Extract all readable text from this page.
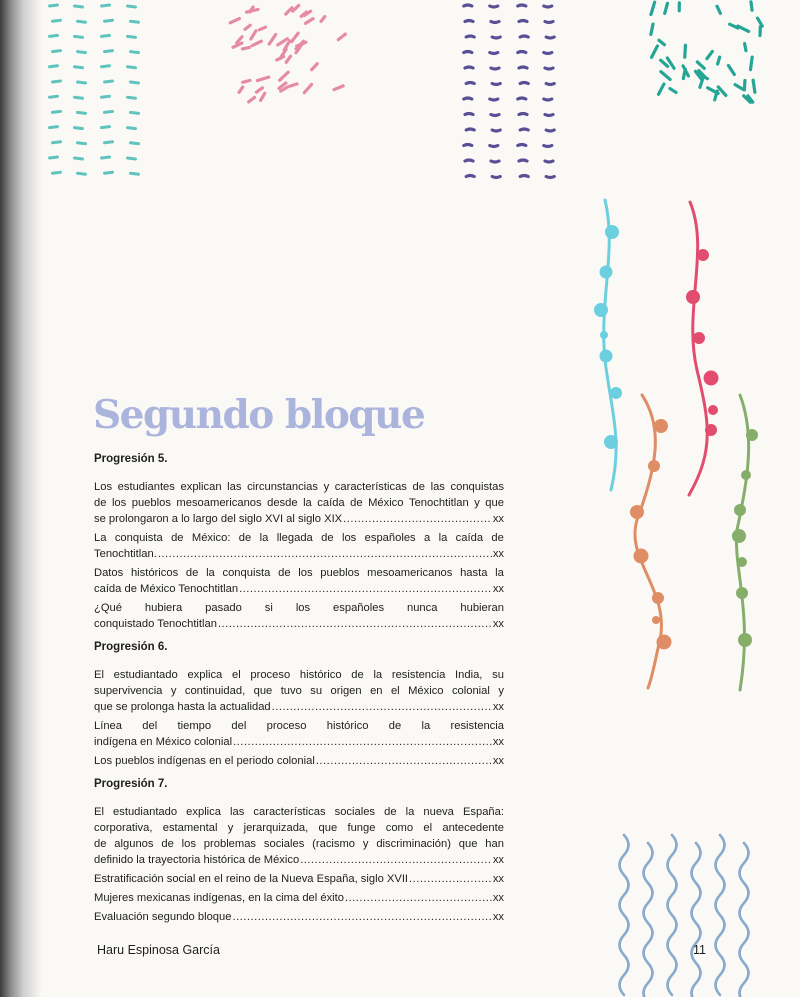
Segundo bloque

Progresión 5.

Los estudiantes explican las circunstancias y características de las conquistas
de los pueblos mesoamericanos desde la caída de México Tenochtitlan y que
se prolongaron a lo largo del siglo XVI al siglo XIX .....	xx
La conquista de México: de la llegada de los españoles a la caída de
Tenochtitlan. .....	xx
Datos históricos de la conquista de los pueblos mesoamericanos hasta la
caída de México Tenochtitlan .....	xx
¿Qué hubiera pasado si los españoles nunca hubieran
conquistado Tenochtitlan .....	xx

Progresión 6.

El estudiantado explica el proceso histórico de la resistencia India, su
supervivencia y continuidad, que tuvo su origen en el México colonial y
que se prolonga hasta la actualidad .....	xx
Línea del tiempo del proceso histórico de la resistencia
indígena en México colonial .....	xx
Los pueblos indígenas en el periodo colonial .....	xx

Progresión 7.

El estudiantado explica las características sociales de la nueva España:
corporativa, estamental y jerarquizada, que funge como el antecedente
de algunos de los problemas sociales (racismo y discriminación) que han
definido la trayectoria histórica de México .....	xx
Estratificación social en el reino de la Nueva España, siglo XVII .....	xx
Mujeres mexicanas indígenas, en la cima del éxito .....	xx
Evaluación segundo bloque .....	xx

Haru Espinosa García	11
